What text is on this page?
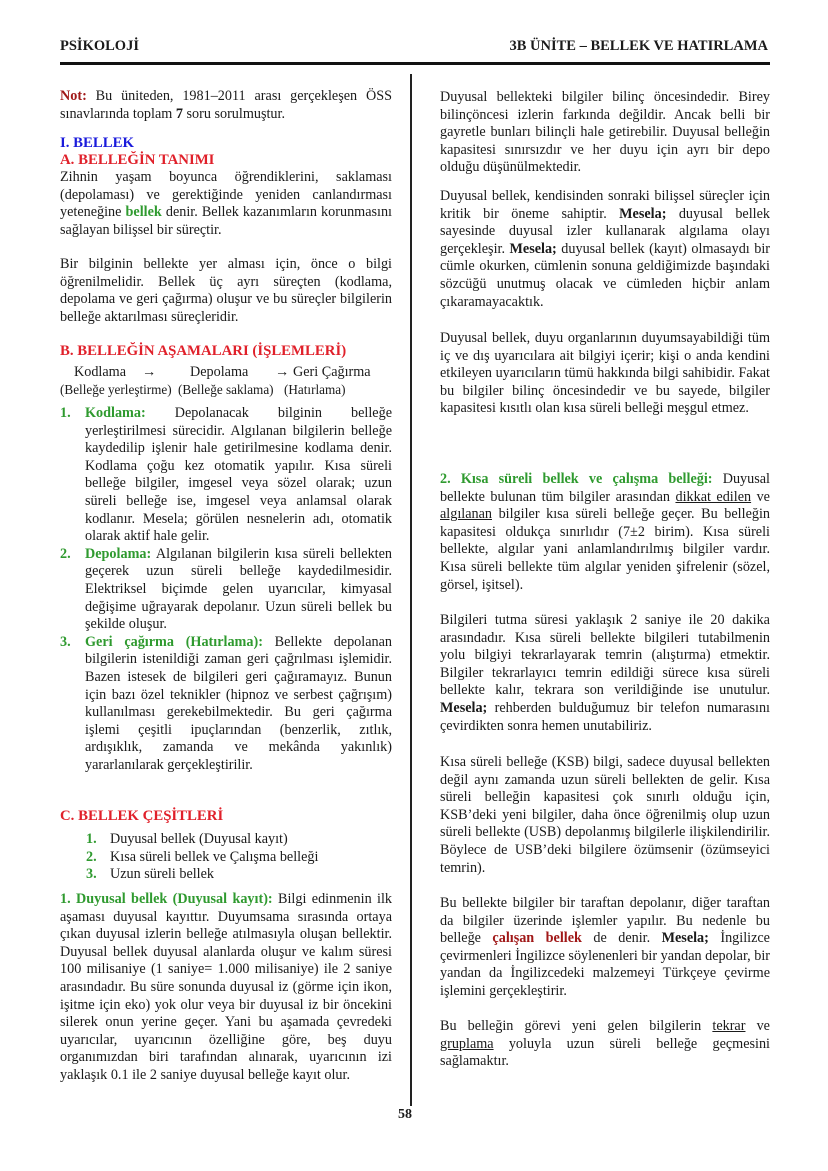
PSİKOLOJİ	3B ÜNİTE – BELLEK VE HATIRLAMA
Not: Bu üniteden, 1981–2011 arası gerçekleşen ÖSS sınavlarında toplam 7 soru sorulmuştur.
I. BELLEK
A. BELLEĞİN TANIMI
Zihnin yaşam boyunca öğrendiklerini, saklaması (depolaması) ve gerektiğinde yeniden canlandırması yeteneğine bellek denir. Bellek kazanımların korunmasını sağlayan bilişsel bir süreçtir.
Bir bilginin bellekte yer alması için, önce o bilgi öğrenilmelidir. Bellek üç ayrı süreçten (kodlama, depolama ve geri çağırma) oluşur ve bu süreçler bilgilerin belleğe aktarılması süreçleridir.
B. BELLEĞİN AŞAMALARI (İŞLEMLERİ)
Kodlama	→	Depolama	→ Geri Çağırma
(Belleğe yerleştirme) (Belleğe saklama) (Hatırlama)
1. Kodlama: Depolanacak bilginin belleğe yerleştirilmesi sürecidir. Algılanan bilgilerin belleğe kaydedilip işlenir hale getirilmesine kodlama denir. Kodlama çoğu kez otomatik yapılır. Kısa süreli belleğe bilgiler, imgesel veya sözel olarak; uzun süreli belleğe ise, imgesel veya anlamsal olarak kodlanır. Mesela; görülen nesnelerin adı, otomatik olarak aktif hale gelir.
2. Depolama: Algılanan bilgilerin kısa süreli bellekten geçerek uzun süreli belleğe kaydedilmesidir. Elektriksel biçimde gelen uyarıcılar, kimyasal değişime uğrayarak depolanır. Uzun süreli bellek bu şekilde oluşur.
3. Geri çağırma (Hatırlama): Bellekte depolanan bilgilerin istenildiği zaman geri çağrılması işlemidir. Bazen istesek de bilgileri geri çağıramayız. Bunun için bazı özel teknikler (hipnoz ve serbest çağrışım) kullanılması gerekebilmektedir. Bu geri çağırma işlemi çeşitli ipuçlarından (benzerlik, zıtlık, ardışıklık, zamanda ve mekânda yakınlık) yararlanılarak gerçekleştirilir.
C. BELLEK ÇEŞİTLERİ
1. Duyusal bellek (Duyusal kayıt)
2. Kısa süreli bellek ve Çalışma belleği
3. Uzun süreli bellek
1. Duyusal bellek (Duyusal kayıt): Bilgi edinmenin ilk aşaması duyusal kayıttır. Duyumsama sırasında ortaya çıkan duyusal izlerin belleğe atılmasıyla oluşan bellektir. Duyusal bellek duyusal alanlarda oluşur ve kalım süresi 100 milisaniye (1 saniye= 1.000 milisaniye) ile 2 saniye arasındadır. Bu süre sonunda duyusal iz (görme için ikon, işitme için eko) yok olur veya bir duyusal iz bir öncekini silerek onun yerine geçer. Yani bu aşamada çevredeki uyarıcılar, uyarıcının özelliğine göre, beş duyu organımızdan biri tarafından alınarak, uyarıcının izi yaklaşık 0.1 ile 2 saniye duyusal belleğe kayıt olur.
Duyusal bellekteki bilgiler bilinç öncesindedir. Birey bilinçöncesi izlerin farkında değildir. Ancak belli bir gayretle bunları bilinçli hale getirebilir. Duyusal belleğin kapasitesi sınırsızdır ve her duyu için ayrı bir depo olduğu düşünülmektedir.
Duyusal bellek, kendisinden sonraki bilişsel süreçler için kritik bir öneme sahiptir. Mesela; duyusal bellek sayesinde duyusal izler kullanarak algılama olayı gerçekleşir. Mesela; duyusal bellek (kayıt) olmasaydı bir cümle okurken, cümlenin sonuna geldiğimizde başındaki sözcüğü unutmuş olacak ve cümleden hiçbir anlam çıkaramayacaktık.
Duyusal bellek, duyu organlarının duyumsayabildiği tüm iç ve dış uyarıcılara ait bilgiyi içerir; kişi o anda kendini etkileyen uyarıcıların tümü hakkında bilgi sahibidir. Fakat bu bilgiler bilinç öncesindedir ve bu sayede, bilgiler kapasitesi kısıtlı olan kısa süreli belleği meşgul etmez.
2. Kısa süreli bellek ve çalışma belleği: Duyusal bellekte bulunan tüm bilgiler arasından dikkat edilen ve algılanan bilgiler kısa süreli belleğe geçer. Bu belleğin kapasitesi oldukça sınırlıdır (7±2 birim). Kısa süreli bellekte, algılar yani anlamlandırılmış bilgiler vardır. Kısa süreli bellekte tüm algılar yeniden şifrelenir (sözel, görsel, işitsel).
Bilgileri tutma süresi yaklaşık 2 saniye ile 20 dakika arasındadır. Kısa süreli bellekte bilgileri tutabilmenin yolu bilgiyi tekrarlayarak temrin (alıştırma) etmektir. Bilgiler tekrarlayıcı temrin edildiği sürece kısa süreli bellekte kalır, tekrara son verildiğinde ise unutulur. Mesela; rehberden bulduğumuz bir telefon numarasını çevirdikten sonra hemen unutabiliriz.
Kısa süreli belleğe (KSB) bilgi, sadece duyusal bellekten değil aynı zamanda uzun süreli bellekten de gelir. Kısa süreli belleğin kapasitesi çok sınırlı olduğu için, KSB’deki yeni bilgiler, daha önce öğrenilmiş olup uzun süreli bellekte (USB) depolanmış bilgilerle ilişkilendirilir. Böylece de USB’deki bilgilere özümsenir (özümseyici temrin).
Bu bellekte bilgiler bir taraftan depolanır, diğer taraftan da bilgiler üzerinde işlemler yapılır. Bu nedenle bu belleğe çalışan bellek de denir. Mesela; İngilizce çevirmenleri İngilizce söylenenleri bir yandan depolar, bir yandan da İngilizcedeki malzemeyi Türkçeye çevirme işlemini gerçekleştirir.
Bu belleğin görevi yeni gelen bilgilerin tekrar ve gruplama yoluyla uzun süreli belleğe geçmesini sağlamaktır.
58
